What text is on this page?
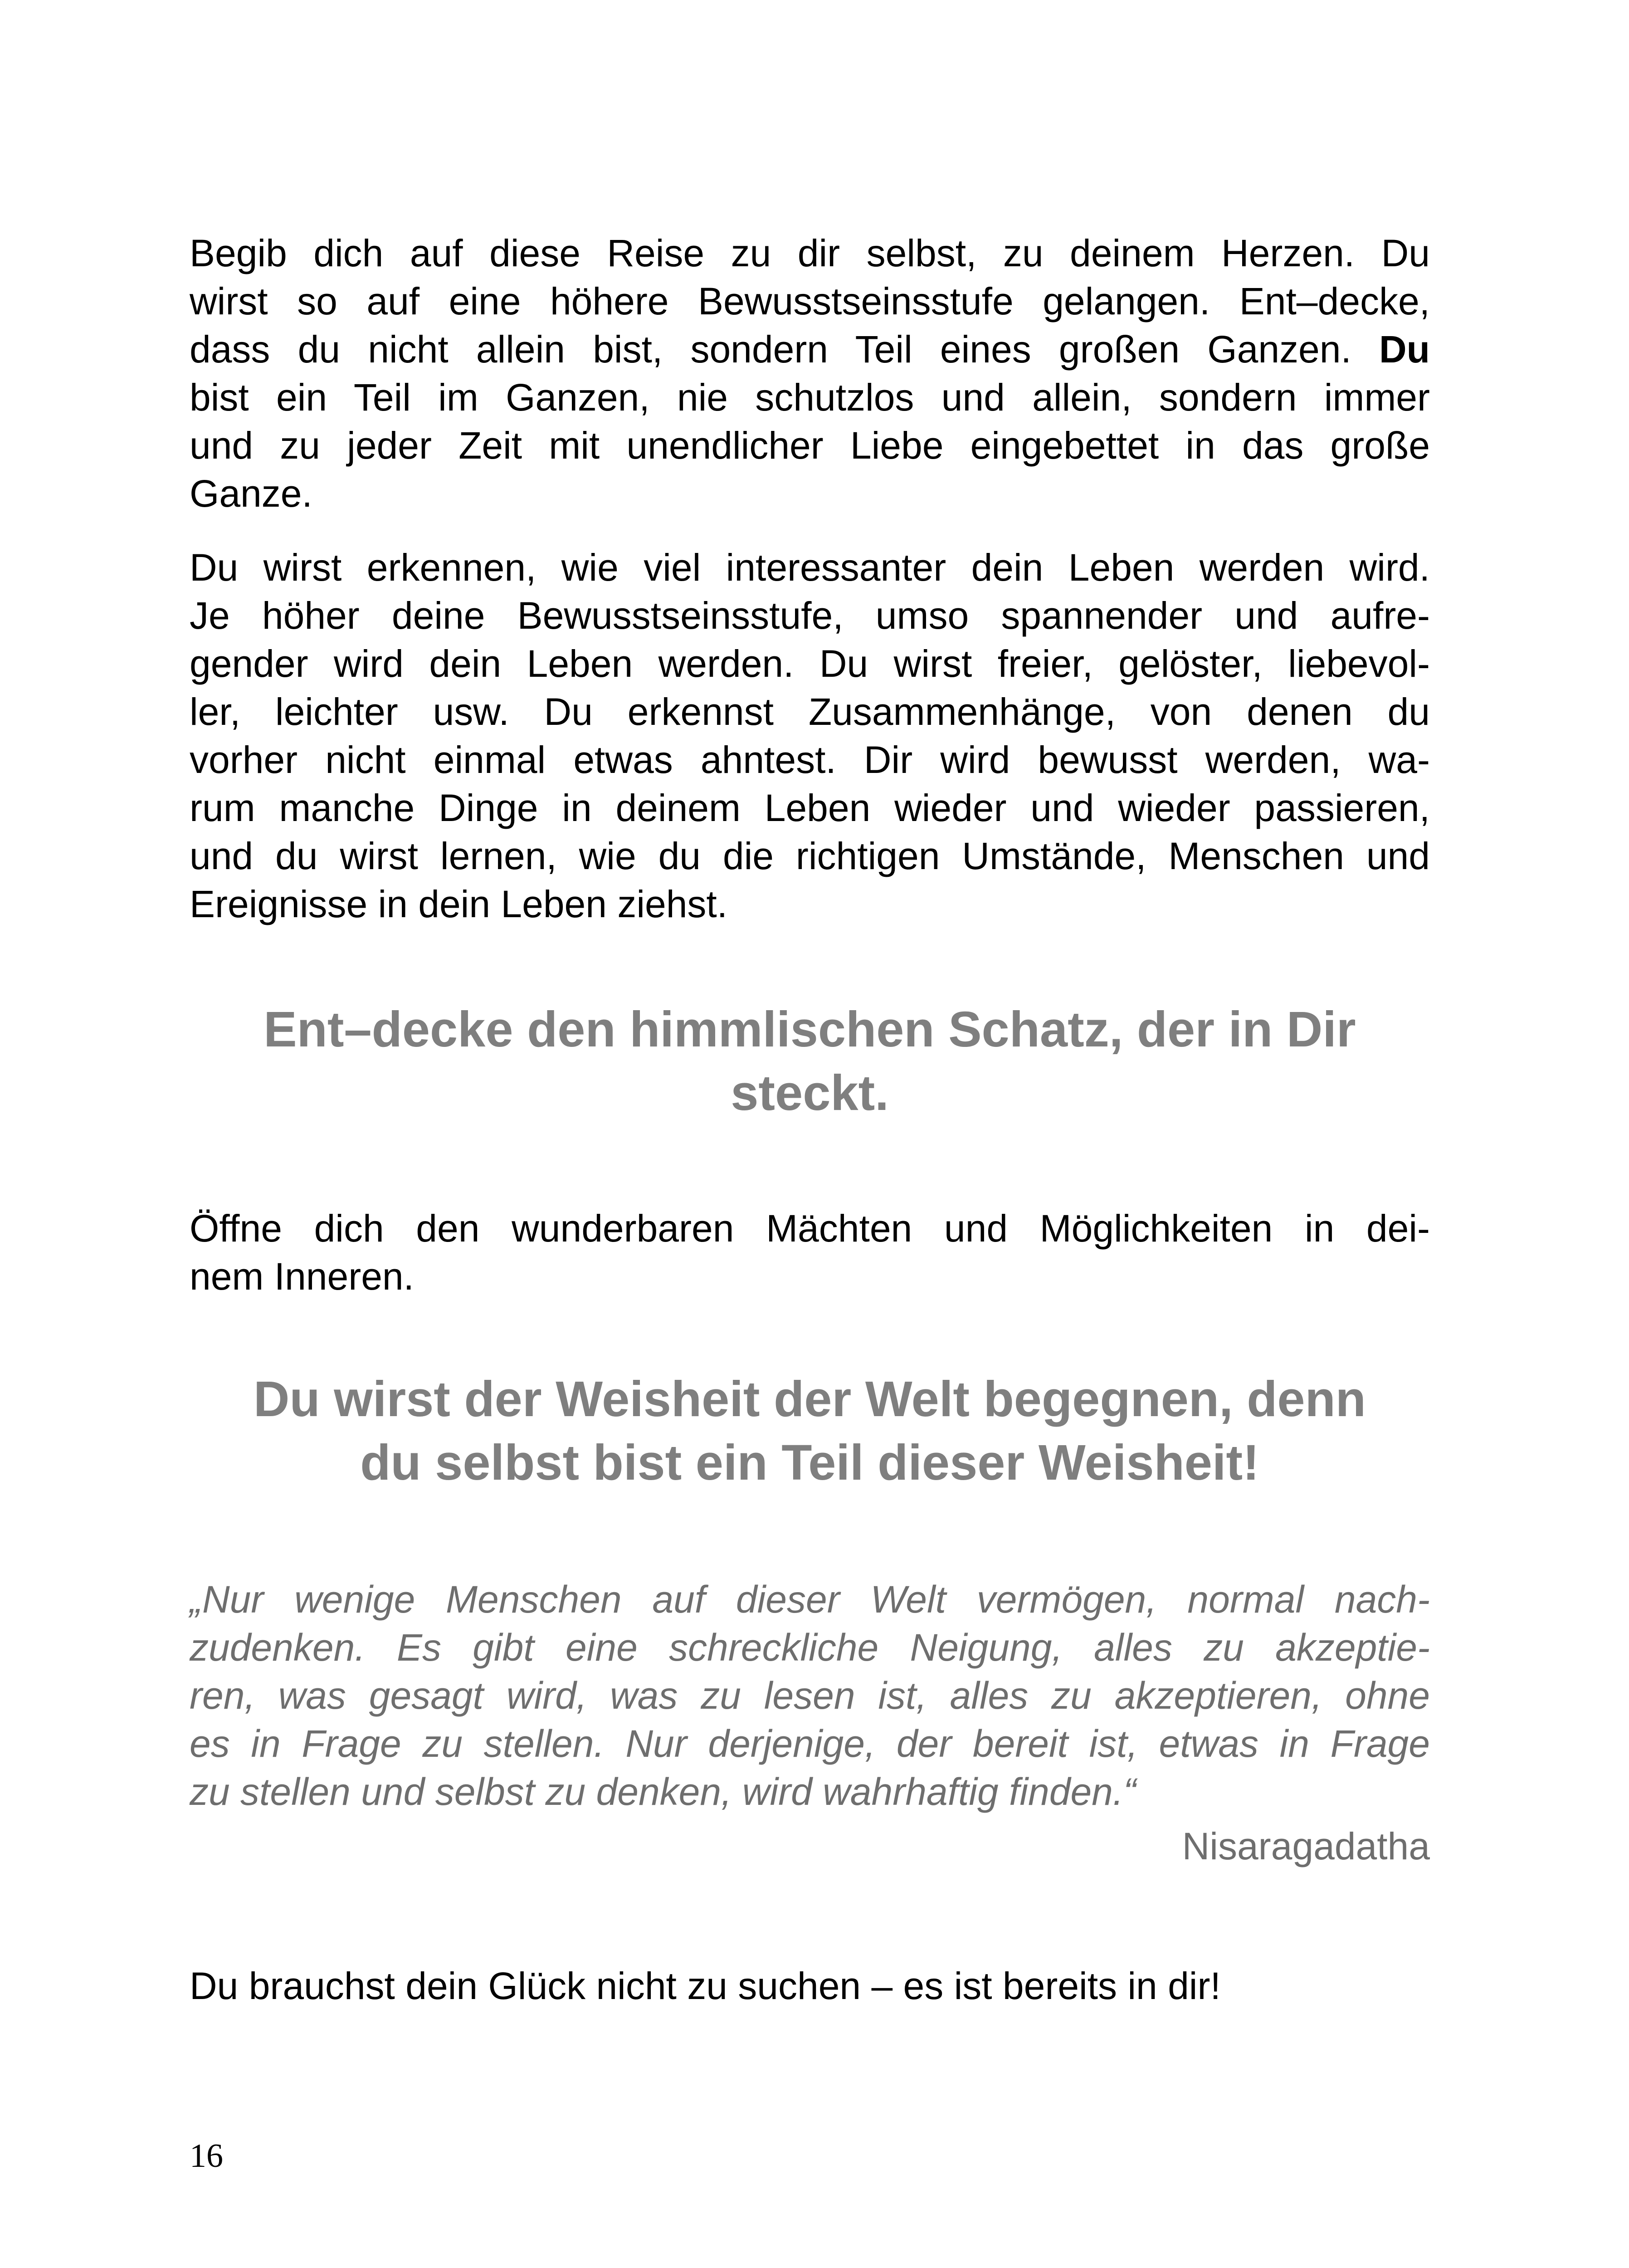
Begib dich auf diese Reise zu dir selbst, zu deinem Herzen. Du
wirst so auf eine höhere Bewusstseinsstufe gelangen. Ent–decke,
dass du nicht allein bist, sondern Teil eines großen Ganzen. Du
bist ein Teil im Ganzen, nie schutzlos und allein, sondern immer
und zu jeder Zeit mit unendlicher Liebe eingebettet in das große
Ganze.

Du wirst erkennen, wie viel interessanter dein Leben werden wird.
Je höher deine Bewusstseinsstufe, umso spannender und aufre-
gender wird dein Leben werden. Du wirst freier, gelöster, liebevol-
ler, leichter usw. Du erkennst Zusammenhänge, von denen du
vorher nicht einmal etwas ahntest. Dir wird bewusst werden, wa-
rum manche Dinge in deinem Leben wieder und wieder passieren,
und du wirst lernen, wie du die richtigen Umstände, Menschen und
Ereignisse in dein Leben ziehst.

Ent–decke den himmlischen Schatz, der in Dir
steckt.

Öffne dich den wunderbaren Mächten und Möglichkeiten in dei-
nem Inneren.

Du wirst der Weisheit der Welt begegnen, denn
du selbst bist ein Teil dieser Weisheit!

„Nur wenige Menschen auf dieser Welt vermögen, normal nach-
zudenken. Es gibt eine schreckliche Neigung, alles zu akzeptie-
ren, was gesagt wird, was zu lesen ist, alles zu akzeptieren, ohne
es in Frage zu stellen. Nur derjenige, der bereit ist, etwas in Frage
zu stellen und selbst zu denken, wird wahrhaftig finden.“

Nisaragadatha

Du brauchst dein Glück nicht zu suchen – es ist bereits in dir!

16
